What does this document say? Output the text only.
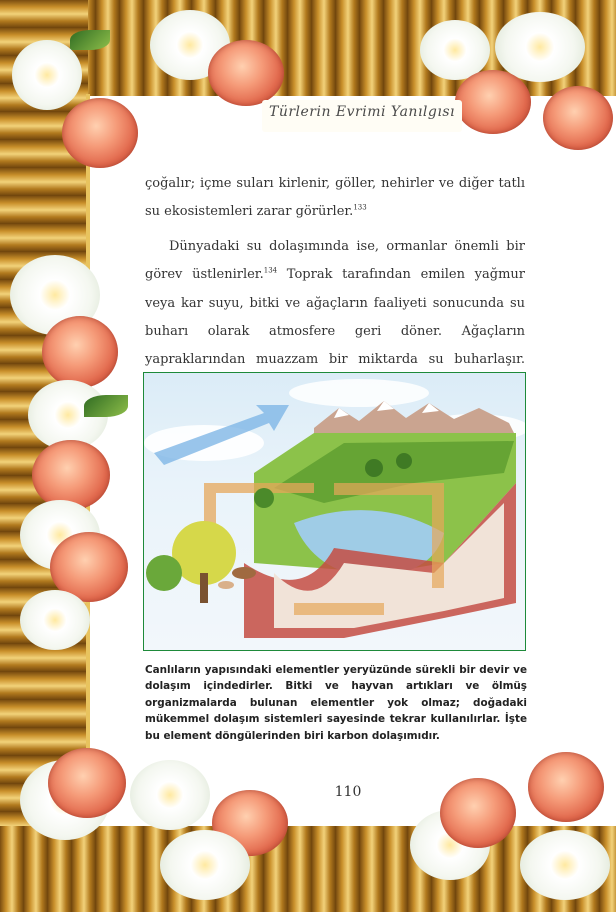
Türlerin Evrimi Yanılgısı

çoğalır; içme suları kirlenir, göller, nehirler ve diğer tatlı su ekosistemleri zarar görürler.$^{133}$

Dünyadaki su dolaşımında ise, ormanlar önemli bir görev üstlenirler.$^{134}$ Toprak tarafından emilen yağmur veya kar suyu, bitki ve ağaçların faaliyeti sonucunda su buharı olarak atmosfere geri döner. Ağaçların yapraklarından muazzam bir miktarda su buharlaşır.

Canlıların yapısındaki elementler yeryüzünde sürekli bir devir ve dolaşım içindedirler. Bitki ve hayvan artıkları ve ölmüş organizmalarda bulunan elementler yok olmaz; doğadaki mükemmel dolaşım sistemleri sayesinde tekrar kullanılırlar. İşte bu element döngülerinden biri karbon dolaşımıdır.
110
